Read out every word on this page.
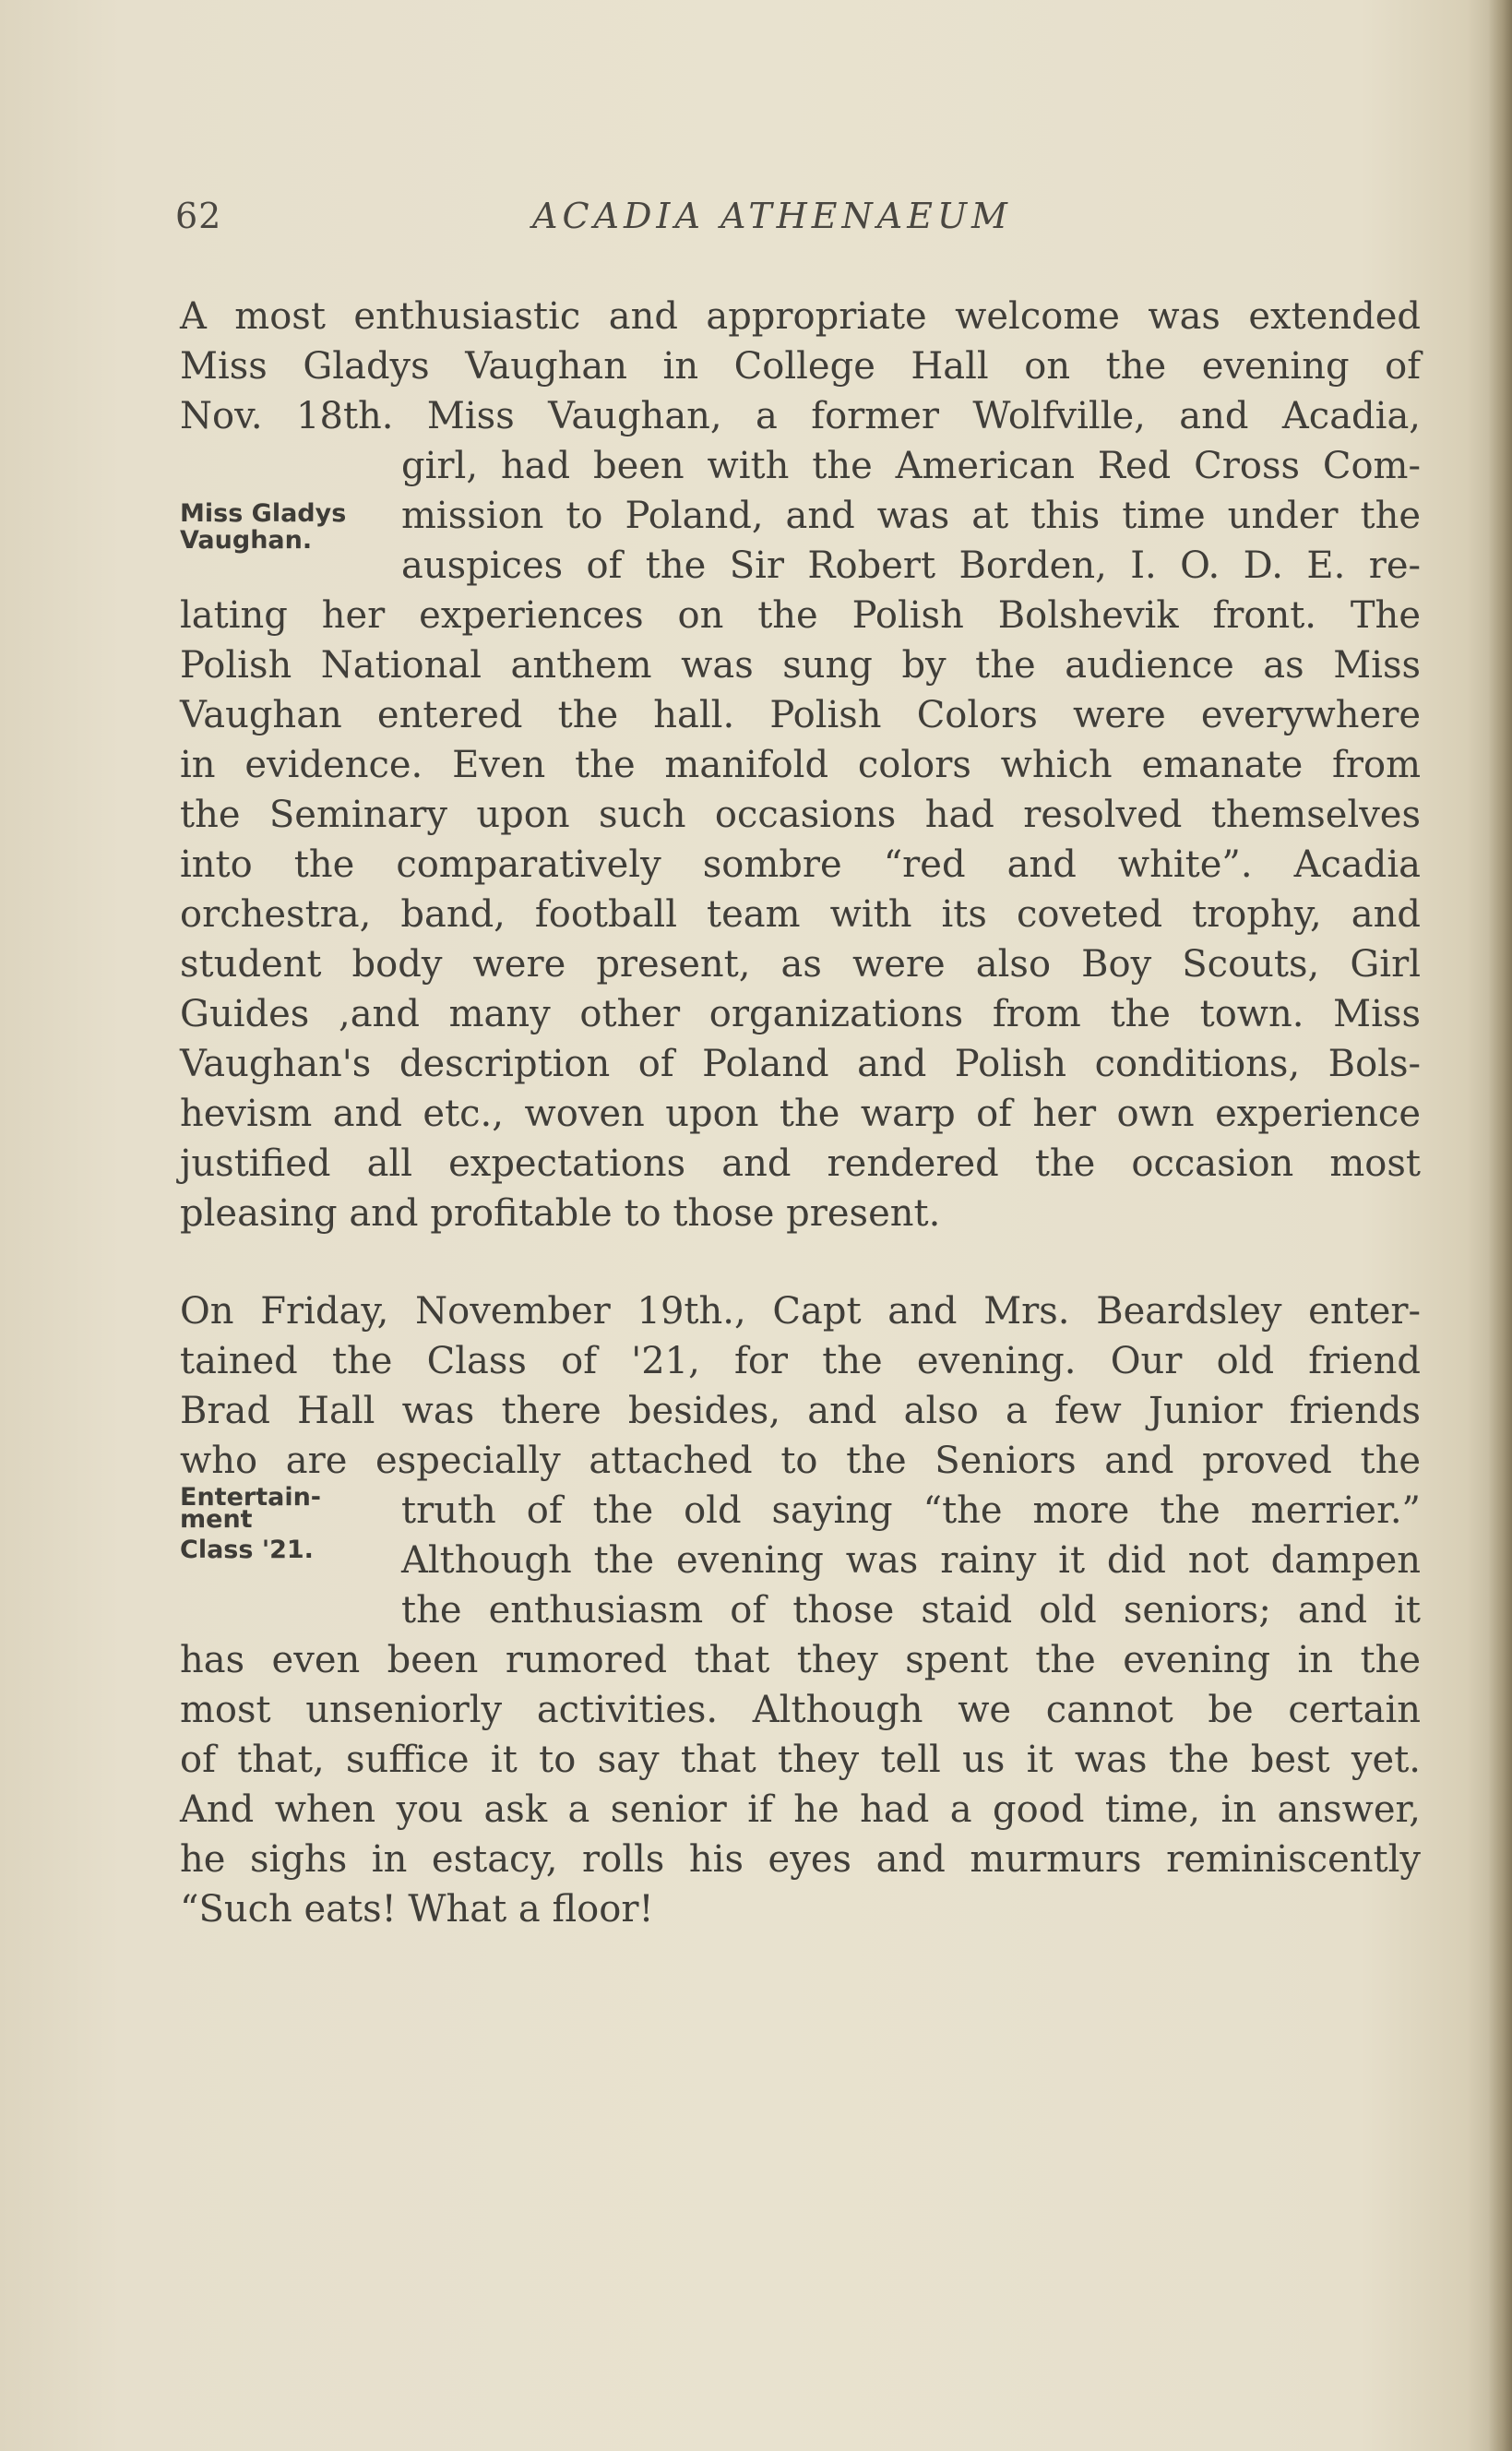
62	ACADIA ATHENAEUM
A most enthusiastic and appropriate welcome was extended
Miss Gladys Vaughan in College Hall on the evening of
Nov. 18th. Miss Vaughan, a former Wolfville, and Acadia,
girl, had been with the American Red Cross Com-
mission to Poland, and was at this time under the
auspices of the Sir Robert Borden, I. O. D. E. re-
lating her experiences on the Polish Bolshevik front. The
Polish National anthem was sung by the audience as Miss
Vaughan entered the hall. Polish Colors were everywhere
in evidence. Even the manifold colors which emanate from
the Seminary upon such occasions had resolved themselves
into the comparatively sombre “red and white”. Acadia
orchestra, band, football team with its coveted trophy, and
student body were present, as were also Boy Scouts, Girl
Guides ,and many other organizations from the town. Miss
Vaughan's description of Poland and Polish conditions, Bols-
hevism and etc., woven upon the warp of her own experience
justified all expectations and rendered the occasion most
pleasing and profitable to those present.
Miss Gladys
Vaughan.
On Friday, November 19th., Capt and Mrs. Beardsley enter-
tained the Class of '21, for the evening. Our old friend
Brad Hall was there besides, and also a few Junior friends
who are especially attached to the Seniors and proved the
truth of the old saying “the more the merrier.”
Although the evening was rainy it did not dampen
the enthusiasm of those staid old seniors; and it
has even been rumored that they spent the evening in the
most unseniorly activities. Although we cannot be certain
of that, suffice it to say that they tell us it was the best yet.
And when you ask a senior if he had a good time, in answer,
he sighs in estacy, rolls his eyes and murmurs reminiscently
“Such eats! What a floor!
Entertain-
ment
Class '21.
